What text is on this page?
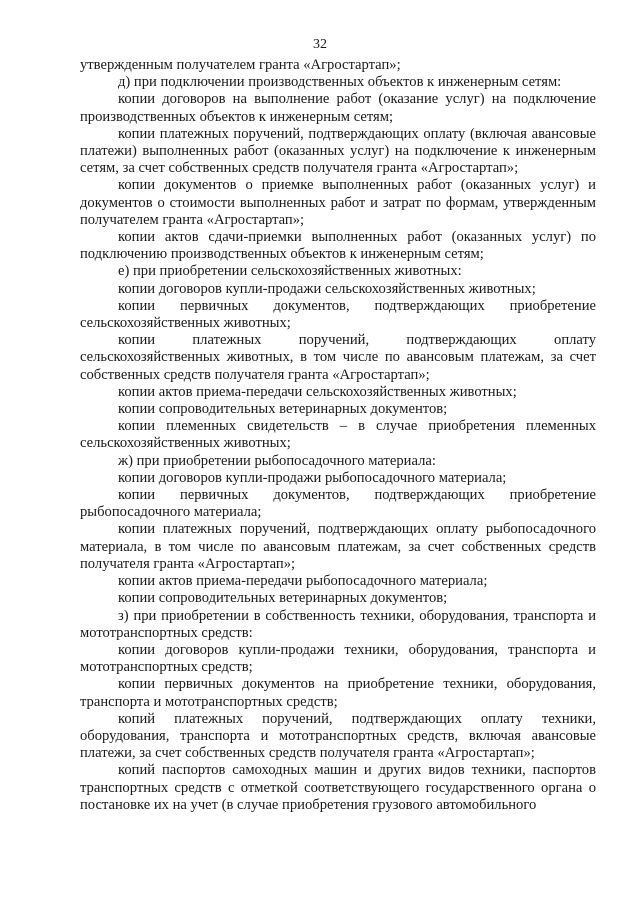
32

утвержденным получателем гранта «Агростартап»;

д) при подключении производственных объектов к инженерным сетям:

копии договоров на выполнение работ (оказание услуг) на подключение производственных объектов к инженерным сетям;

копии платежных поручений, подтверждающих оплату (включая авансовые платежи) выполненных работ (оказанных услуг) на подключение к инженерным сетям, за счет собственных средств получателя гранта «Агростартап»;

копии документов о приемке выполненных работ (оказанных услуг) и документов о стоимости выполненных работ и затрат по формам, утвержденным получателем гранта «Агростартап»;

копии актов сдачи-приемки выполненных работ (оказанных услуг) по подключению производственных объектов к инженерным сетям;

е) при приобретении сельскохозяйственных животных:

копии договоров купли-продажи сельскохозяйственных животных;

копии первичных документов, подтверждающих приобретение сельскохозяйственных животных;

копии платежных поручений, подтверждающих оплату сельскохозяйственных животных, в том числе по авансовым платежам, за счет собственных средств получателя гранта «Агростартап»;

копии актов приема-передачи сельскохозяйственных животных;

копии сопроводительных ветеринарных документов;

копии племенных свидетельств – в случае приобретения племенных сельскохозяйственных животных;

ж) при приобретении рыбопосадочного материала:

копии договоров купли-продажи рыбопосадочного материала;

копии первичных документов, подтверждающих приобретение рыбопосадочного материала;

копии платежных поручений, подтверждающих оплату рыбопосадочного материала, в том числе по авансовым платежам, за счет собственных средств получателя гранта «Агростартап»;

копии актов приема-передачи рыбопосадочного материала;

копии сопроводительных ветеринарных документов;

з) при приобретении в собственность техники, оборудования, транспорта и мототранспортных средств:

копии договоров купли-продажи техники, оборудования, транспорта и мототранспортных средств;

копии первичных документов на приобретение техники, оборудования, транспорта и мототранспортных средств;

копий платежных поручений, подтверждающих оплату техники, оборудования, транспорта и мототранспортных средств, включая авансовые платежи, за счет собственных средств получателя гранта «Агростартап»;

копий паспортов самоходных машин и других видов техники, паспортов транспортных средств с отметкой соответствующего государственного органа о постановке их на учет (в случае приобретения грузового автомобильного
